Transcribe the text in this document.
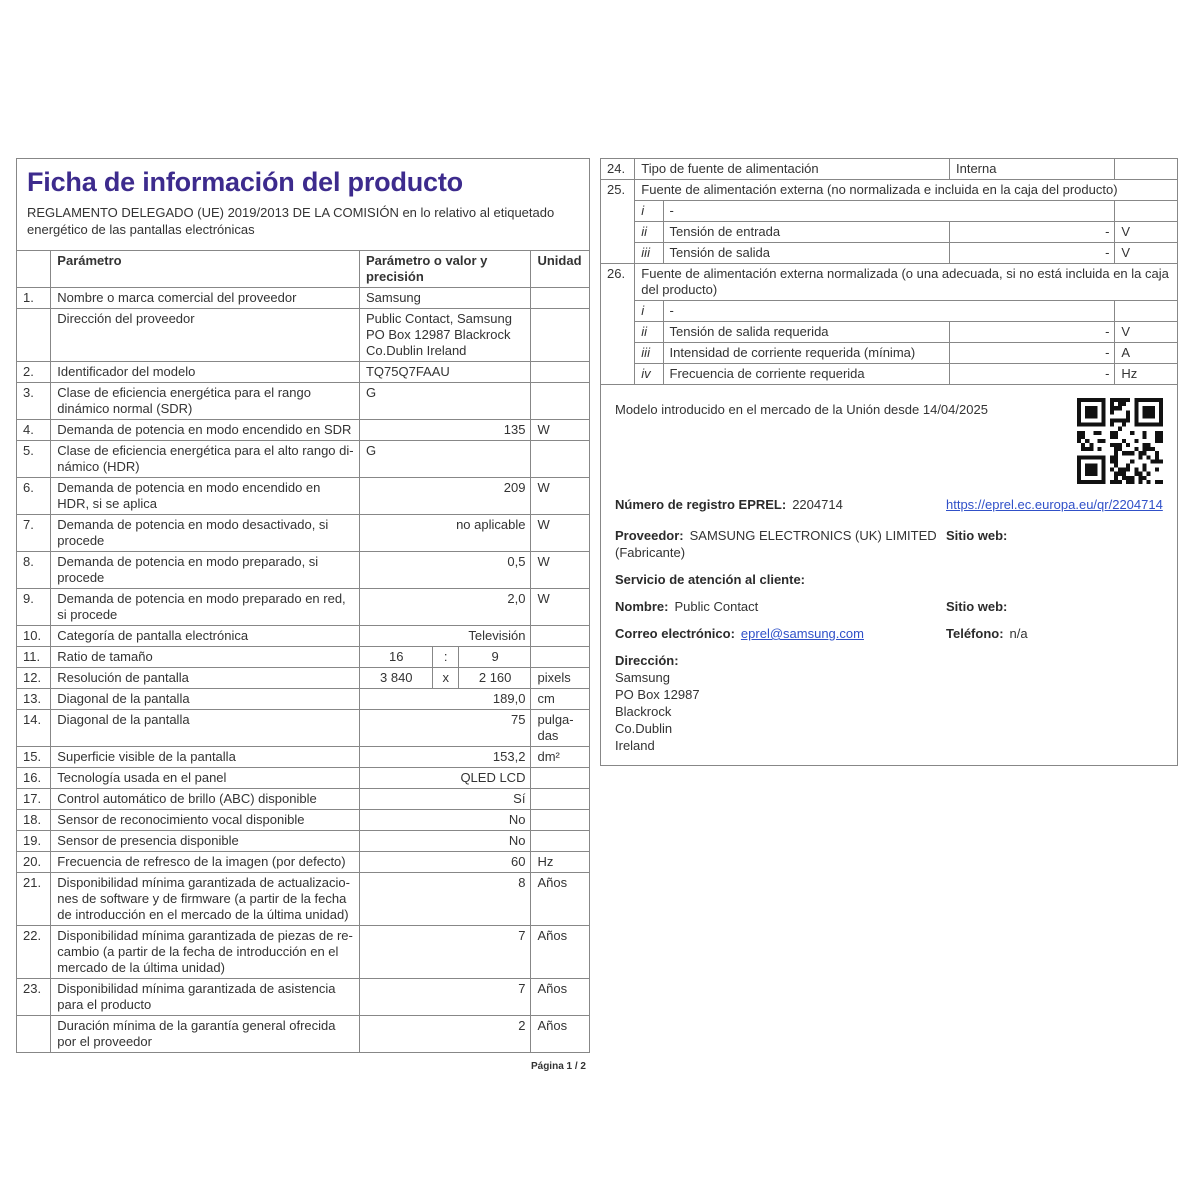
Ficha de información del producto

REGLAMENTO DELEGADO (UE) 2019/2013 DE LA COMISIÓN en lo relativo al etiquetado energético de las pantallas electrónicas

	Parámetro	Parámetro o valor y precisión			Unidad
1.	Nombre o marca comercial del proveedor	Samsung			
	Dirección del proveedor	Public Contact, Samsung PO Box 12987 Blackrock Co.Dublin Ireland			
2.	Identificador del modelo	TQ75Q7FAAU			
3.	Clase de eficiencia energética para el rango dinámico normal (SDR)	G			
4.	Demanda de potencia en modo encendido en SDR	135			W
5.	Clase de eficiencia energética para el alto rango dinámico (HDR)	G			
6.	Demanda de potencia en modo encendido en HDR, si se aplica	209			W
7.	Demanda de potencia en modo desactivado, si procede	no aplicable			W
8.	Demanda de potencia en modo preparado, si procede	0,5			W
9.	Demanda de potencia en modo preparado en red, si procede	2,0			W
10.	Categoría de pantalla electrónica	Televisión			
11.	Ratio de tamaño	16	:	9	
12.	Resolución de pantalla	3 840	x	2 160	pixels
13.	Diagonal de la pantalla	189,0			cm
14.	Diagonal de la pantalla	75			pulgadas
15.	Superficie visible de la pantalla	153,2			dm²
16.	Tecnología usada en el panel	QLED LCD			
17.	Control automático de brillo (ABC) disponible	Sí			
18.	Sensor de reconocimiento vocal disponible	No			
19.	Sensor de presencia disponible	No			
20.	Frecuencia de refresco de la imagen (por defecto)	60			Hz
21.	Disponibilidad mínima garantizada de actualizaciones de software y de firmware (a partir de la fecha de introducción en el mercado de la última unidad)	8			Años
22.	Disponibilidad mínima garantizada de piezas de recambio (a partir de la fecha de introducción en el mercado de la última unidad)	7			Años
23.	Disponibilidad mínima garantizada de asistencia para el producto	7			Años
	Duración mínima de la garantía general ofrecida por el proveedor	2			Años
Página 1 / 2
24.	Tipo de fuente de alimentación		Interna	
25.	Fuente de alimentación externa (no normalizada e incluida en la caja del producto)			
	i	-		
	ii	Tensión de entrada	-	V
	iii	Tensión de salida	-	V
26.	Fuente de alimentación externa normalizada (o una adecuada, si no está incluida en la caja del producto)			
	i	-		
	ii	Tensión de salida requerida	-	V
	iii	Intensidad de corriente requerida (mínima)	-	A
	iv	Frecuencia de corriente requerida	-	Hz
Modelo introducido en el mercado de la Unión desde 14/04/2025
Número de registro EPREL: 2204714	https://eprel.ec.europa.eu/qr/2204714
Proveedor: SAMSUNG ELECTRONICS (UK) LIMITED (Fabricante)
Sitio web:
Servicio de atención al cliente:
Nombre: Public Contact	Sitio web:
Correo electrónico: eprel@samsung.com	Teléfono: n/a
Dirección:
Samsung
PO Box 12987
Blackrock
Co.Dublin
Ireland
